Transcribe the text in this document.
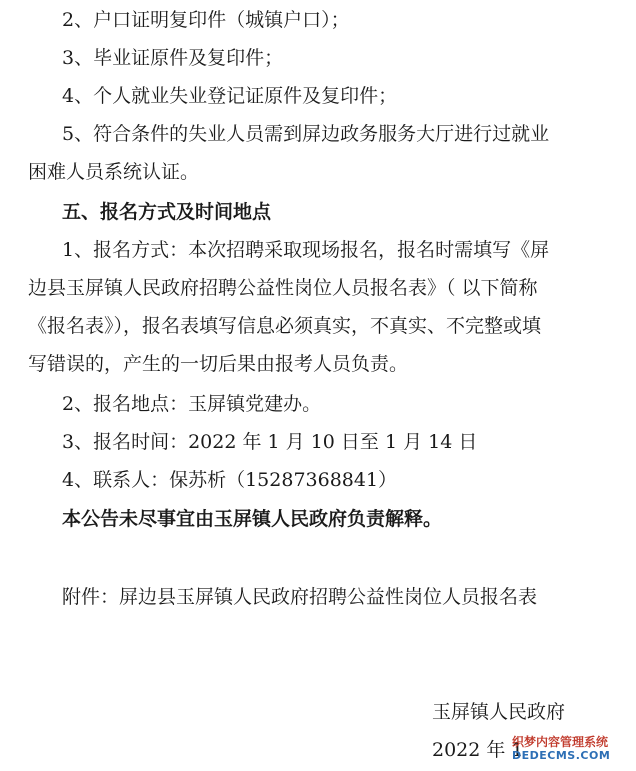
2、户口证明复印件（城镇户口）；
3、毕业证原件及复印件；
4、个人就业失业登记证原件及复印件；
5、符合条件的失业人员需到屏边政务服务大厅进行过就业
困难人员系统认证。
五、报名方式及时间地点
1、报名方式：本次招聘采取现场报名，报名时需填写《屏
边县玉屏镇人民政府招聘公益性岗位人员报名表》（ 以下简称
《报名表》），报名表填写信息必须真实，不真实、不完整或填
写错误的，产生的一切后果由报考人员负责。
2、报名地点：玉屏镇党建办。
3、报名时间：2022 年 1 月 10 日至 1 月 14 日
4、联系人：保苏析（15287368841）
本公告未尽事宜由玉屏镇人民政府负责解释。
附件：屏边县玉屏镇人民政府招聘公益性岗位人员报名表
玉屏镇人民政府
2022 年 1
织梦内容管理系统
DEDECMS.COM
